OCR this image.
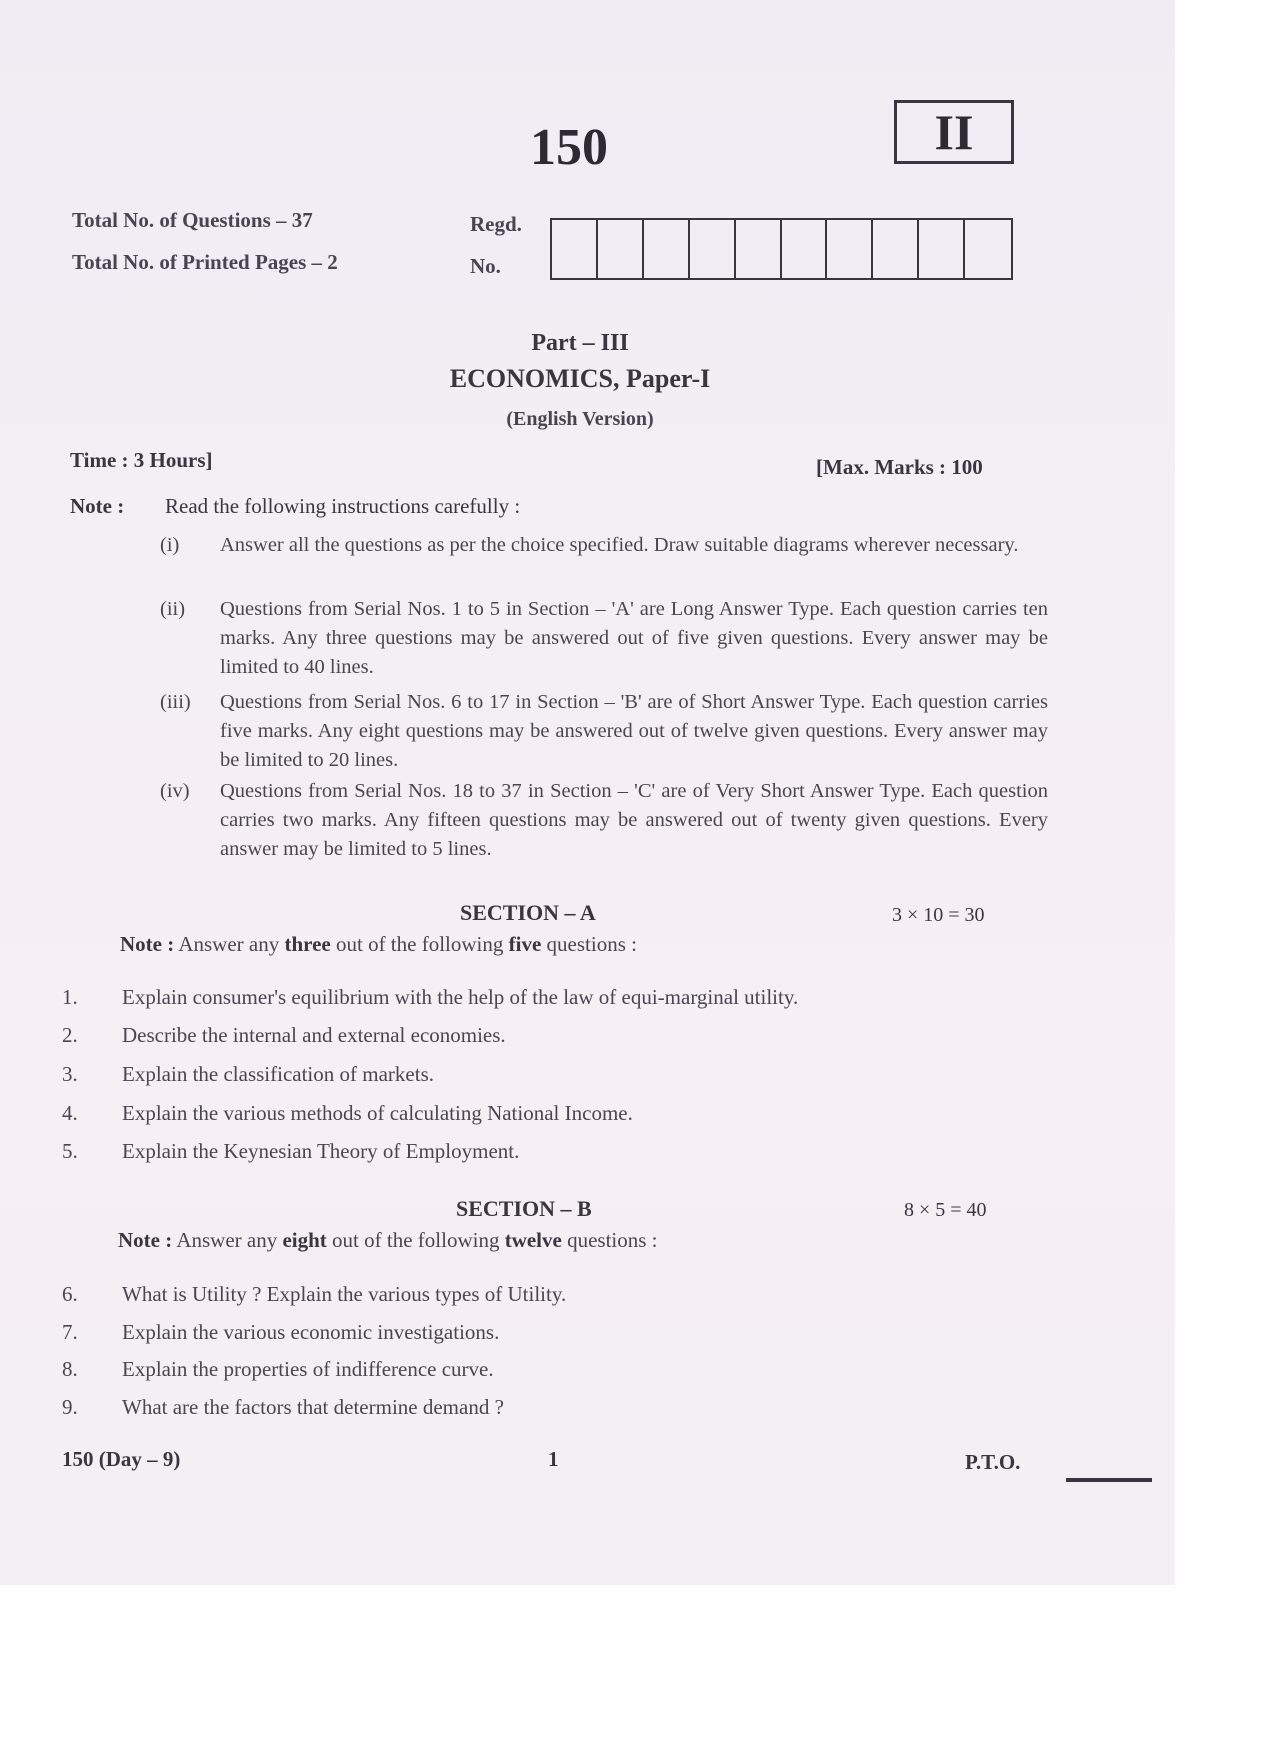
150	II
Total No. of Questions – 37
Total No. of Printed Pages – 2
Regd.
No.
Part – III
ECONOMICS, Paper-I
(English Version)
Time : 3 Hours]	[Max. Marks : 100
Note : Read the following instructions carefully :
(i) Answer all the questions as per the choice specified. Draw suitable diagrams wherever necessary.
(ii) Questions from Serial Nos. 1 to 5 in Section – 'A' are Long Answer Type. Each question carries ten marks. Any three questions may be answered out of five given questions. Every answer may be limited to 40 lines.
(iii) Questions from Serial Nos. 6 to 17 in Section – 'B' are of Short Answer Type. Each question carries five marks. Any eight questions may be answered out of twelve given questions. Every answer may be limited to 20 lines.
(iv) Questions from Serial Nos. 18 to 37 in Section – 'C' are of Very Short Answer Type. Each question carries two marks. Any fifteen questions may be answered out of twenty given questions. Every answer may be limited to 5 lines.
SECTION – A	3 × 10 = 30
Note : Answer any three out of the following five questions :
1. Explain consumer's equilibrium with the help of the law of equi-marginal utility.
2. Describe the internal and external economies.
3. Explain the classification of markets.
4. Explain the various methods of calculating National Income.
5. Explain the Keynesian Theory of Employment.
SECTION – B	8 × 5 = 40
Note : Answer any eight out of the following twelve questions :
6. What is Utility ? Explain the various types of Utility.
7. Explain the various economic investigations.
8. Explain the properties of indifference curve.
9. What are the factors that determine demand ?
150 (Day – 9)	1	P.T.O.
